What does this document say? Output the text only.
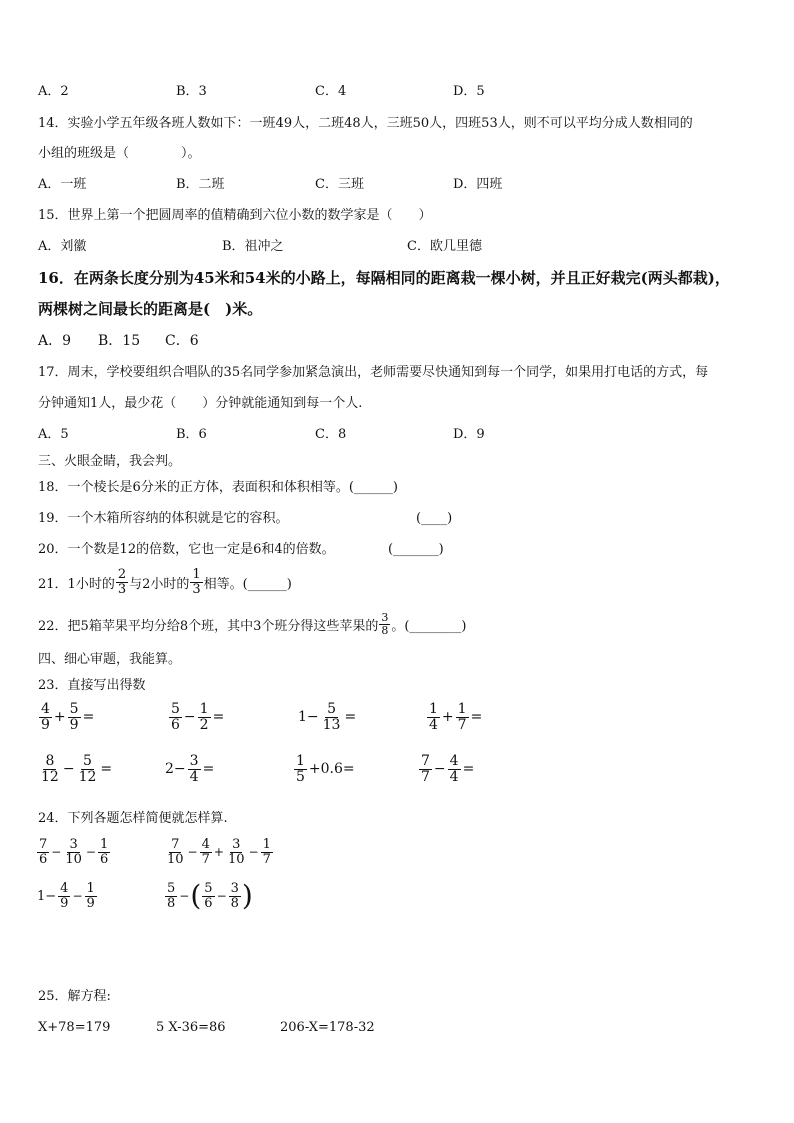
A．2	B．3	C．4	D．5
14．实验小学五年级各班人数如下：一班49人，二班48人，三班50人，四班53人，则不可以平均分成人数相同的
小组的班级是（　　　　）。
A．一班	B．二班	C．三班	D．四班
15．世界上第一个把圆周率的值精确到六位小数的数学家是（　　）
A．刘徽	B．祖冲之	C．欧几里德
16．在两条长度分别为45米和54米的小路上，每隔相同的距离栽一棵小树，并且正好栽完(两头都栽)，
两棵树之间最长的距离是(　)米。
A．9 B．15 C．6
17．周末，学校要组织合唱队的35名同学参加紧急演出，老师需要尽快通知到每一个同学，如果用打电话的方式，每
分钟通知1人，最少花（　　）分钟就能通知到每一个人.
A．5	B．6	C．8	D．9
三、火眼金睛，我会判。
18．一个棱长是6分米的正方体，表面积和体积相等。(______)
19．一个木箱所容纳的体积就是它的容积。	(____)
20．一个数是12的倍数，它也一定是6和4的倍数。	(_______)
21．1小时的 $\frac{2}{3}$ 与2小时的 $\frac{1}{3}$ 相等。(______)
22．把5箱苹果平均分给8个班，其中3个班分得这些苹果的 $\frac{3}{8}$ 。(________)
四、细心审题，我能算。
23．直接写出得数
$\frac{4}{9} + \frac{5}{9}$ =	$\frac{5}{6} - \frac{1}{2}$ =	$1- \frac{5}{13}$ =	$\frac{1}{4} + \frac{1}{7}$ =
$\frac{8}{12} - \frac{5}{12}$ =	$2- \frac{3}{4}$ =	$\frac{1}{5} +0.6=$	$\frac{7}{7} - \frac{4}{4}$ =
24．下列各题怎样简便就怎样算.
$\frac{7}{6} - \frac{3}{10} - \frac{1}{6}$	$\frac{7}{10} - \frac{4}{7} + \frac{3}{10} - \frac{1}{7}$
$1- \frac{4}{9} - \frac{1}{9}$	$\frac{5}{8}$ − ( $\frac{5}{6} - \frac{3}{8}$ )
25．解方程:
X+78=179	5 X-36=86	206-X=178-32
